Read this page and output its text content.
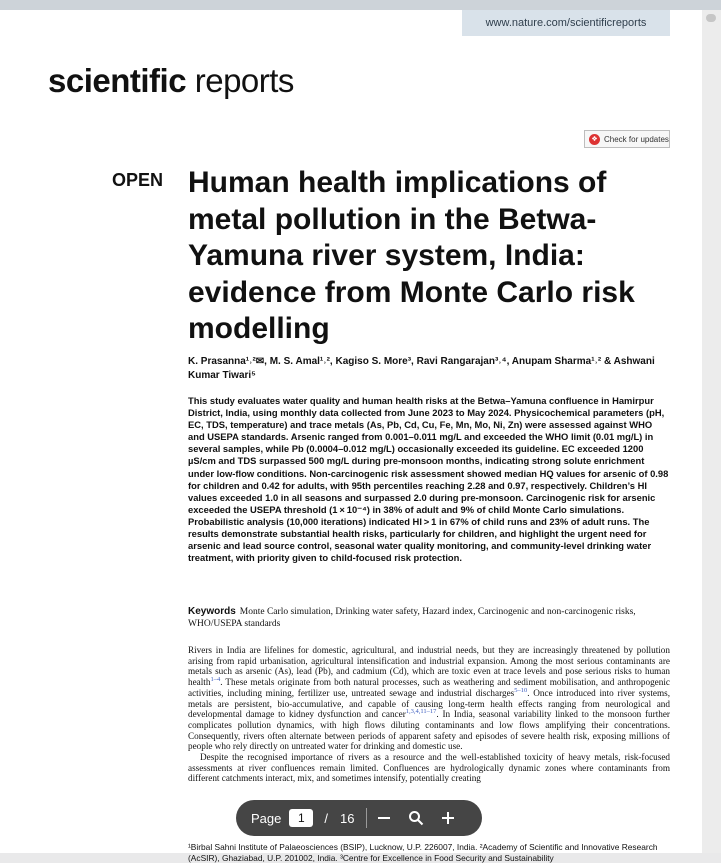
www.nature.com/scientificreports
scientific reports
❖ Check for updates
OPEN Human health implications of metal pollution in the Betwa-Yamuna river system, India: evidence from Monte Carlo risk modelling
K. Prasanna¹˒²✉, M. S. Amal¹˒², Kagiso S. More³, Ravi Rangarajan³˒⁴, Anupam Sharma¹˒² & Ashwani Kumar Tiwari⁵

This study evaluates water quality and human health risks at the Betwa–Yamuna confluence in Hamirpur District, India, using monthly data collected from June 2023 to May 2024. Physicochemical parameters (pH, EC, TDS, temperature) and trace metals (As, Pb, Cd, Cu, Fe, Mn, Mo, Ni, Zn) were assessed against WHO and USEPA standards. Arsenic ranged from 0.001–0.011 mg/L and exceeded the WHO limit (0.01 mg/L) in several samples, while Pb (0.0004–0.012 mg/L) occasionally exceeded its guideline. EC exceeded 1200 µS/cm and TDS surpassed 500 mg/L during pre-monsoon months, indicating strong solute enrichment under low-flow conditions. Non-carcinogenic risk assessment showed median HQ values for arsenic of 0.98 for children and 0.42 for adults, with 95th percentiles reaching 2.28 and 0.97, respectively. Children’s HI values exceeded 1.0 in all seasons and surpassed 2.0 during pre-monsoon. Carcinogenic risk for arsenic exceeded the USEPA threshold (1 × 10⁻⁴) in 38% of adult and 9% of child Monte Carlo simulations. Probabilistic analysis (10,000 iterations) indicated HI > 1 in 67% of child runs and 23% of adult runs. The results demonstrate substantial health risks, particularly for children, and highlight the urgent need for arsenic and lead source control, seasonal water quality monitoring, and community-level drinking water treatment, with priority given to child-focused risk protection.

Keywords Monte Carlo simulation, Drinking water safety, Hazard index, Carcinogenic and non-carcinogenic risks, WHO/USEPA standards

Rivers in India are lifelines for domestic, agricultural, and industrial needs, but they are increasingly threatened by pollution arising from rapid urbanisation, agricultural intensification and industrial expansion. Among the most serious contaminants are metals such as arsenic (As), lead (Pb), and cadmium (Cd), which are toxic even at trace levels and pose serious risks to human health$^{1-4}$. These metals originate from both natural processes, such as weathering and sediment mobilisation, and anthropogenic activities, including mining, fertilizer use, untreated sewage and industrial discharges$^{5-10}$. Once introduced into river systems, metals are persistent, bio-accumulative, and capable of causing long-term health effects ranging from neurological and developmental damage to kidney dysfunction and cancer$^{1,3,4,11-17}$. In India, seasonal variability linked to the monsoon further complicates pollution dynamics, with high flows diluting contaminants and low flows amplifying their concentrations. Consequently, rivers often alternate between periods of apparent safety and episodes of severe health risk, exposing millions of people who rely directly on untreated water for drinking and domestic use.

Despite the recognised importance of rivers as a resource and the well-established toxicity of heavy metals, risk-focused assessments at river confluences remain limited. Confluences are hydrologically dynamic zones where contaminants from different catchments interact, mix, and sometimes intensify, potentially creating

¹Birbal Sahni Institute of Palaeosciences (BSIP), Lucknow, U.P. 226007, India. ²Academy of Scientific and Innovative Research (AcSIR), Ghaziabad, U.P. 201002, India. ³Centre for Excellence in Food Security and Sustainability
Page	1	/ 16
